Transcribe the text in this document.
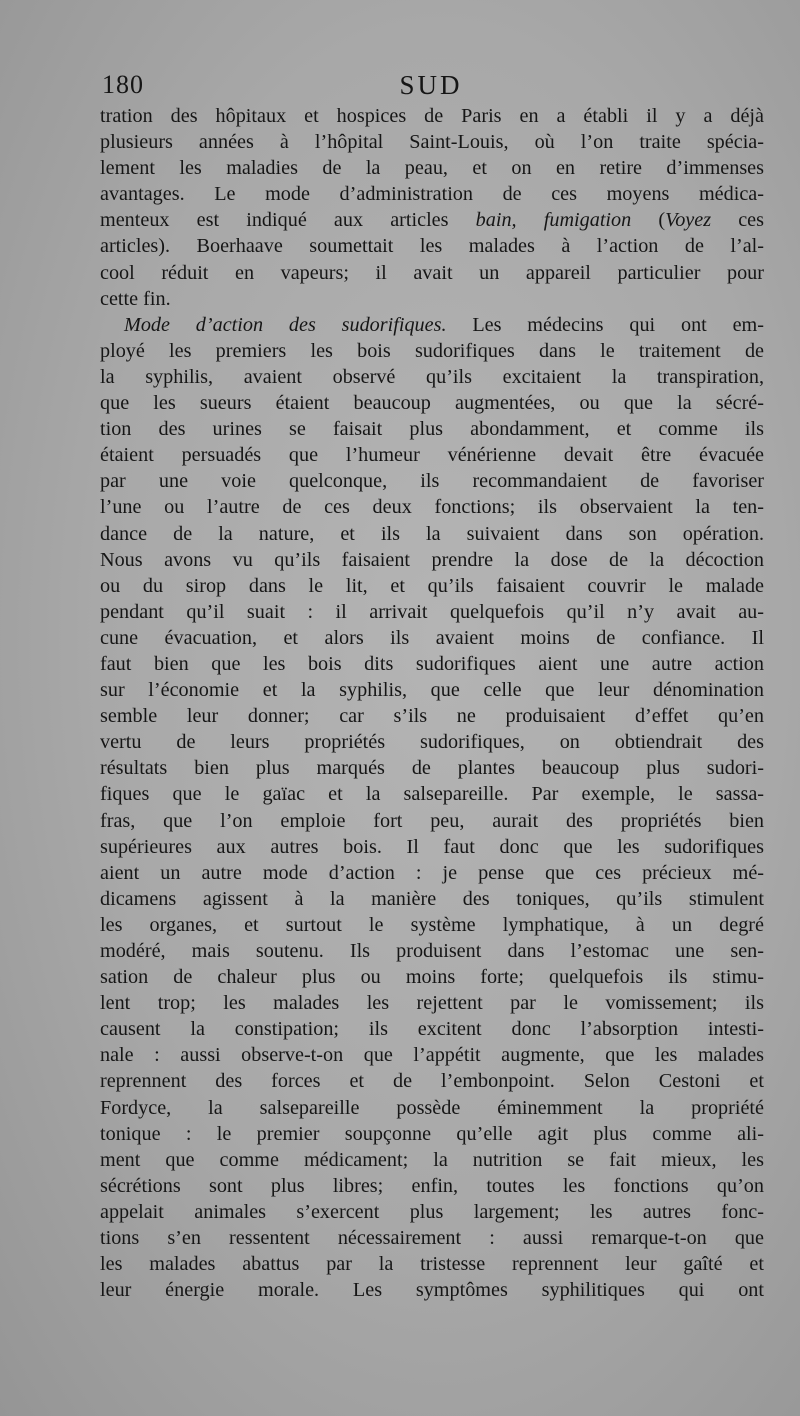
180	SUD
tration des hôpitaux et hospices de Paris en a établi il y a déjà
plusieurs années à l’hôpital Saint-Louis, où l’on traite spécia-
lement les maladies de la peau, et on en retire d’immenses
avantages. Le mode d’administration de ces moyens médica-
menteux est indiqué aux articles bain, fumigation (Voyez ces
articles). Boerhaave soumettait les malades à l’action de l’al-
cool réduit en vapeurs; il avait un appareil particulier pour
cette fin.
Mode d’action des sudorifiques. Les médecins qui ont em-
ployé les premiers les bois sudorifiques dans le traitement de
la syphilis, avaient observé qu’ils excitaient la transpiration,
que les sueurs étaient beaucoup augmentées, ou que la sécré-
tion des urines se faisait plus abondamment, et comme ils
étaient persuadés que l’humeur vénérienne devait être évacuée
par une voie quelconque, ils recommandaient de favoriser
l’une ou l’autre de ces deux fonctions; ils observaient la ten-
dance de la nature, et ils la suivaient dans son opération.
Nous avons vu qu’ils faisaient prendre la dose de la décoction
ou du sirop dans le lit, et qu’ils faisaient couvrir le malade
pendant qu’il suait : il arrivait quelquefois qu’il n’y avait au-
cune évacuation, et alors ils avaient moins de confiance. Il
faut bien que les bois dits sudorifiques aient une autre action
sur l’économie et la syphilis, que celle que leur dénomination
semble leur donner; car s’ils ne produisaient d’effet qu’en
vertu de leurs propriétés sudorifiques, on obtiendrait des
résultats bien plus marqués de plantes beaucoup plus sudori-
fiques que le gaïac et la salsepareille. Par exemple, le sassa-
fras, que l’on emploie fort peu, aurait des propriétés bien
supérieures aux autres bois. Il faut donc que les sudorifiques
aient un autre mode d’action : je pense que ces précieux mé-
dicamens agissent à la manière des toniques, qu’ils stimulent
les organes, et surtout le système lymphatique, à un degré
modéré, mais soutenu. Ils produisent dans l’estomac une sen-
sation de chaleur plus ou moins forte; quelquefois ils stimu-
lent trop; les malades les rejettent par le vomissement; ils
causent la constipation; ils excitent donc l’absorption intesti-
nale : aussi observe-t-on que l’appétit augmente, que les malades
reprennent des forces et de l’embonpoint. Selon Cestoni et
Fordyce, la salsepareille possède éminemment la propriété
tonique : le premier soupçonne qu’elle agit plus comme ali-
ment que comme médicament; la nutrition se fait mieux, les
sécrétions sont plus libres; enfin, toutes les fonctions qu’on
appelait animales s’exercent plus largement; les autres fonc-
tions s’en ressentent nécessairement : aussi remarque-t-on que
les malades abattus par la tristesse reprennent leur gaîté et
leur énergie morale. Les symptômes syphilitiques qui ont
